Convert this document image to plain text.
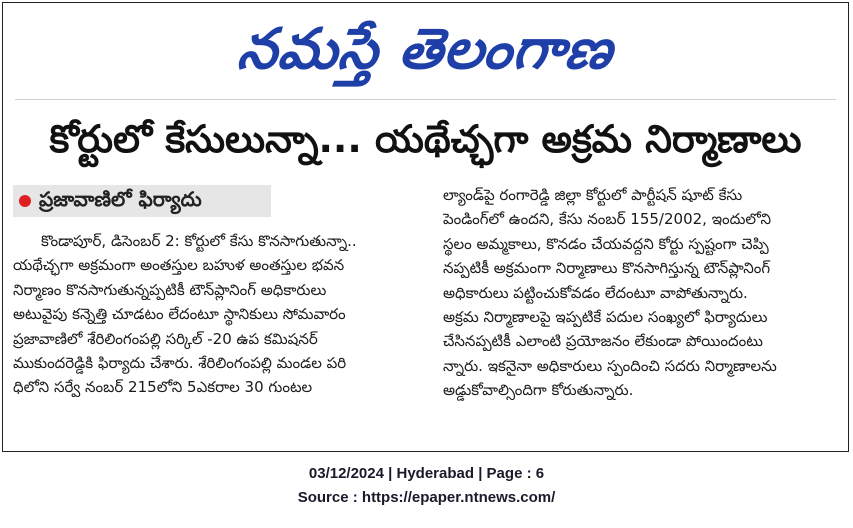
నమస్తే తెలంగాణ
కోర్టులో కేసులున్నా... యథేచ్ఛగా అక్రమ నిర్మాణాలు
ప్రజావాణిలో ఫిర్యాదు
కొండాపూర్, డిసెంబర్ 2: కోర్టులో కేసు కొనసాగుతున్నా..
యథేచ్ఛగా అక్రమంగా అంతస్తుల బహుళ అంతస్తుల భవన
నిర్మాణం కొనసాగుతున్నప్పటికీ టౌన్‌ప్లానింగ్ అధికారులు
అటువైపు కన్నెత్తి చూడటం లేదంటూ స్థానికులు సోమవారం
ప్రజావాణిలో శేరిలింగంపల్లి సర్కిల్ -20 ఉప కమిషనర్
ముకుందరెడ్డికి ఫిర్యాదు చేశారు. శేరిలింగంపల్లి మండల పరి
ధిలోని సర్వే నంబర్ 215లోని 5ఎకరాల 30 గుంటల
ల్యాండ్‌పై రంగారెడ్డి జిల్లా కోర్టులో పార్టీషన్ షూట్ కేసు
పెండింగ్‌లో ఉందని, కేసు నంబర్ 155/2002, ఇందులోని
స్థలం అమ్మకాలు, కొనడం చేయవద్దని కోర్టు స్పష్టంగా చెప్పి
నప్పటికీ అక్రమంగా నిర్మాణాలు కొనసాగిస్తున్న టౌన్‌ప్లానింగ్
అధికారులు పట్టించుకోవడం లేదంటూ వాపోతున్నారు.
అక్రమ నిర్మాణాలపై ఇప్పటికే పదుల సంఖ్యలో ఫిర్యాదులు
చేసినప్పటికీ ఎలాంటి ప్రయోజనం లేకుండా పోయిందంటు
న్నారు. ఇకనైనా అధికారులు స్పందించి సదరు నిర్మాణాలను
అడ్డుకోవాల్సిందిగా కోరుతున్నారు.
03/12/2024 | Hyderabad | Page : 6
Source : https://epaper.ntnews.com/
